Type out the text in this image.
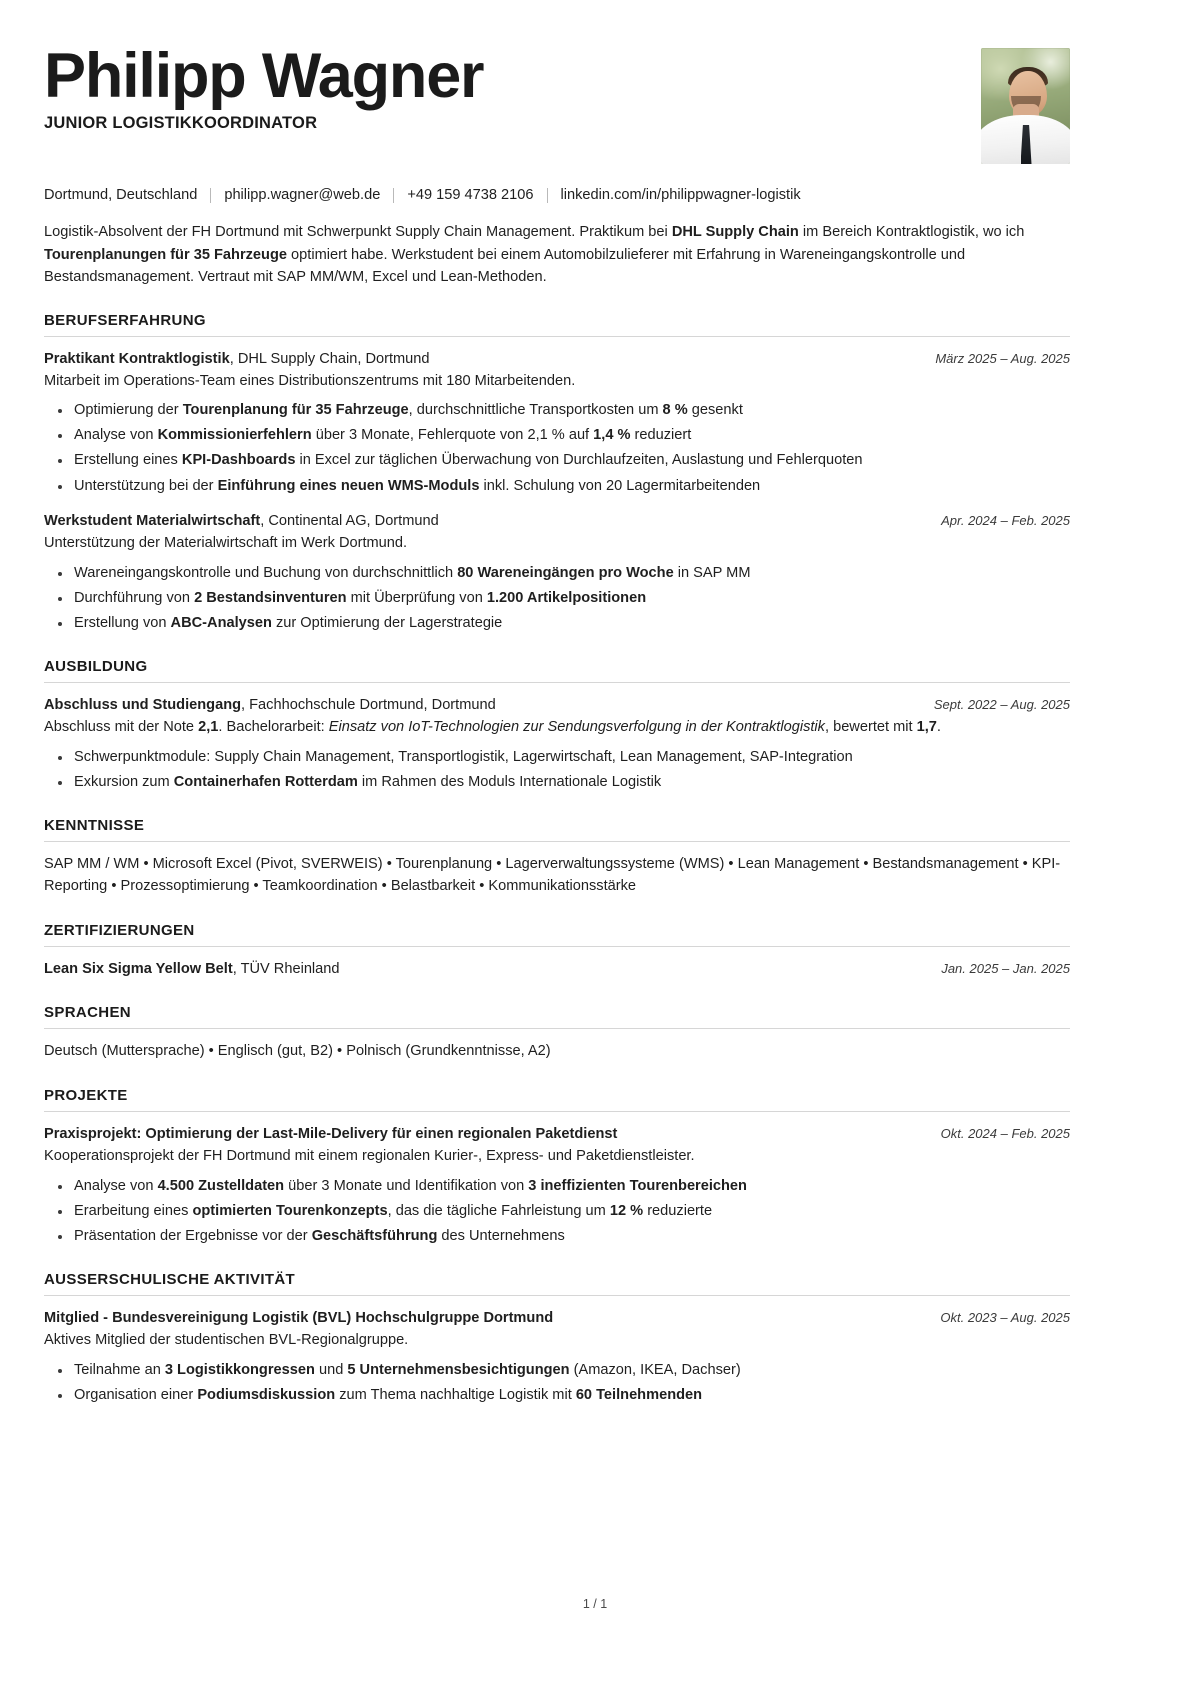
Philipp Wagner
JUNIOR LOGISTIKKOORDINATOR
Dortmund, Deutschland philipp.wagner@web.de +49 159 4738 2106 linkedin.com/in/philippwagner-logistik
Logistik-Absolvent der FH Dortmund mit Schwerpunkt Supply Chain Management. Praktikum bei DHL Supply Chain im Bereich Kontraktlogistik, wo ich Tourenplanungen für 35 Fahrzeuge optimiert habe. Werkstudent bei einem Automobilzulieferer mit Erfahrung in Wareneingangskontrolle und Bestandsmanagement. Vertraut mit SAP MM/WM, Excel und Lean-Methoden.
BERUFSERFAHRUNG
Praktikant Kontraktlogistik, DHL Supply Chain, Dortmund	März 2025 – Aug. 2025
Mitarbeit im Operations-Team eines Distributionszentrums mit 180 Mitarbeitenden.
Optimierung der Tourenplanung für 35 Fahrzeuge, durchschnittliche Transportkosten um 8 % gesenkt
Analyse von Kommissionierfehlern über 3 Monate, Fehlerquote von 2,1 % auf 1,4 % reduziert
Erstellung eines KPI-Dashboards in Excel zur täglichen Überwachung von Durchlaufzeiten, Auslastung und Fehlerquoten
Unterstützung bei der Einführung eines neuen WMS-Moduls inkl. Schulung von 20 Lagermitarbeitenden
Werkstudent Materialwirtschaft, Continental AG, Dortmund	Apr. 2024 – Feb. 2025
Unterstützung der Materialwirtschaft im Werk Dortmund.
Wareneingangskontrolle und Buchung von durchschnittlich 80 Wareneingängen pro Woche in SAP MM
Durchführung von 2 Bestandsinventuren mit Überprüfung von 1.200 Artikelpositionen
Erstellung von ABC-Analysen zur Optimierung der Lagerstrategie
AUSBILDUNG
Abschluss und Studiengang, Fachhochschule Dortmund, Dortmund	Sept. 2022 – Aug. 2025
Abschluss mit der Note 2,1. Bachelorarbeit: Einsatz von IoT-Technologien zur Sendungsverfolgung in der Kontraktlogistik, bewertet mit 1,7.
Schwerpunktmodule: Supply Chain Management, Transportlogistik, Lagerwirtschaft, Lean Management, SAP-Integration
Exkursion zum Containerhafen Rotterdam im Rahmen des Moduls Internationale Logistik
KENNTNISSE
SAP MM / WM • Microsoft Excel (Pivot, SVERWEIS) • Tourenplanung • Lagerverwaltungssysteme (WMS) • Lean Management • Bestandsmanagement • KPI-Reporting • Prozessoptimierung • Teamkoordination • Belastbarkeit • Kommunikationsstärke
ZERTIFIZIERUNGEN
Lean Six Sigma Yellow Belt, TÜV Rheinland	Jan. 2025 – Jan. 2025
SPRACHEN
Deutsch (Muttersprache) • Englisch (gut, B2) • Polnisch (Grundkenntnisse, A2)
PROJEKTE
Praxisprojekt: Optimierung der Last-Mile-Delivery für einen regionalen Paketdienst	Okt. 2024 – Feb. 2025
Kooperationsprojekt der FH Dortmund mit einem regionalen Kurier-, Express- und Paketdienstleister.
Analyse von 4.500 Zustelldaten über 3 Monate und Identifikation von 3 ineffizienten Tourenbereichen
Erarbeitung eines optimierten Tourenkonzepts, das die tägliche Fahrleistung um 12 % reduzierte
Präsentation der Ergebnisse vor der Geschäftsführung des Unternehmens
AUSSERSCHULISCHE AKTIVITÄT
Mitglied - Bundesvereinigung Logistik (BVL) Hochschulgruppe Dortmund	Okt. 2023 – Aug. 2025
Aktives Mitglied der studentischen BVL-Regionalgruppe.
Teilnahme an 3 Logistikkongressen und 5 Unternehmensbesichtigungen (Amazon, IKEA, Dachser)
Organisation einer Podiumsdiskussion zum Thema nachhaltige Logistik mit 60 Teilnehmenden
1 / 1
